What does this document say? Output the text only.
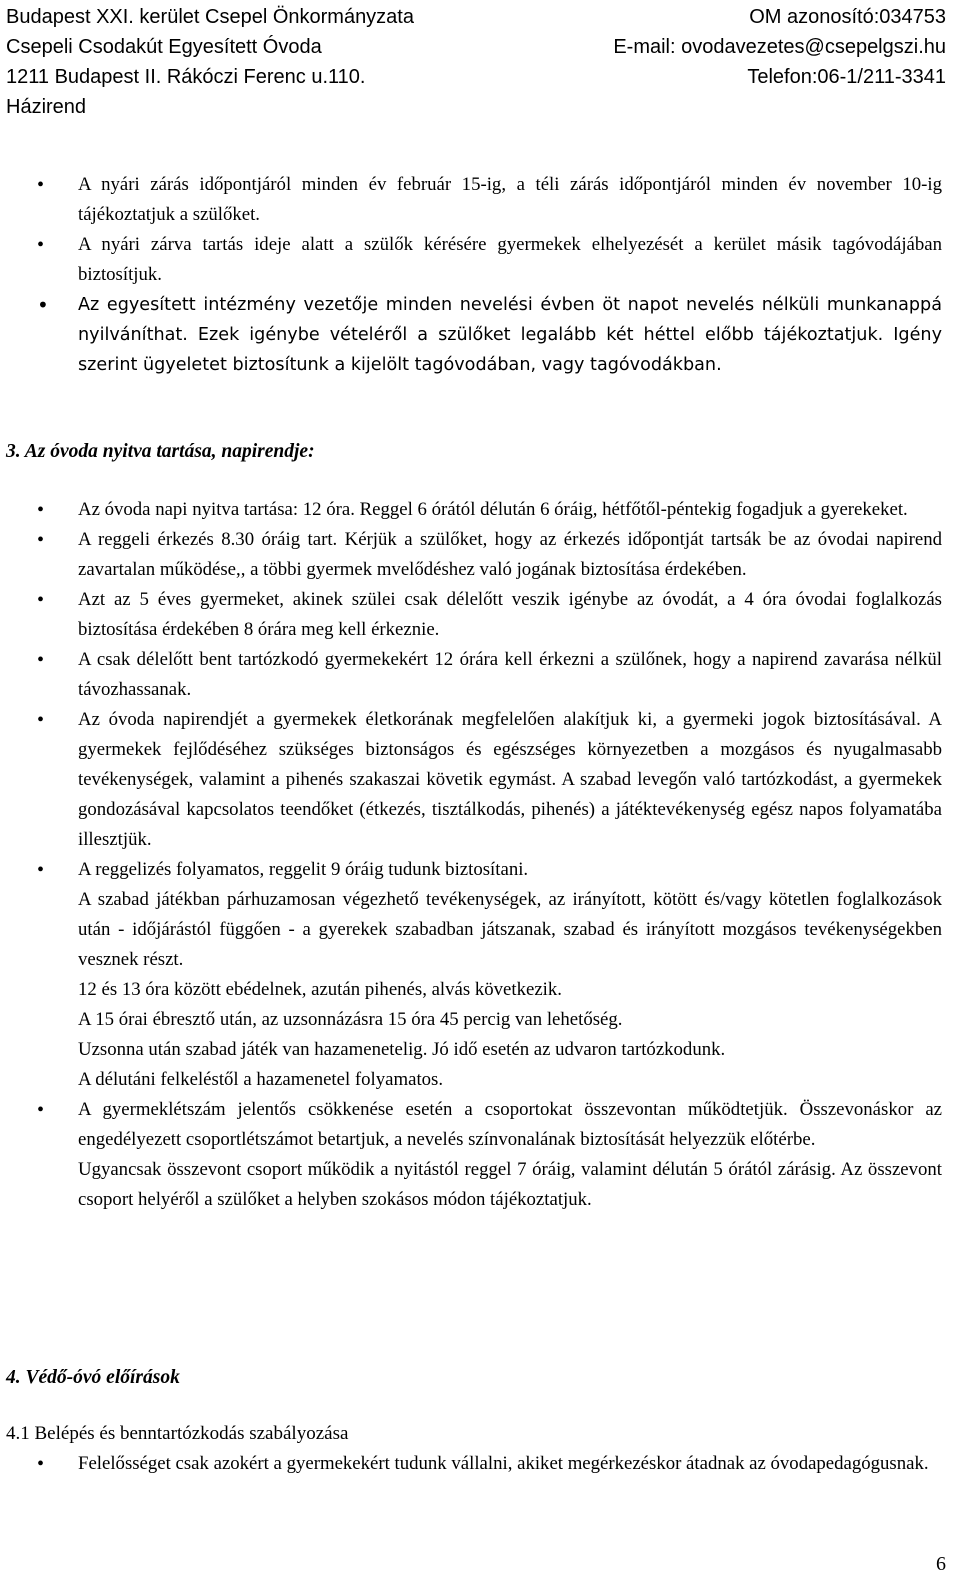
Budapest XXI. kerület Csepel Önkormányzata	OM azonosító:034753
Csepeli Csodakút Egyesített Óvoda	E-mail: ovodavezetes@csepelgszi.hu
1211 Budapest II. Rákóczi Ferenc u.110.	Telefon:06-1/211-3341
Házirend
• A nyári zárás időpontjáról minden év február 15-ig, a téli zárás időpontjáról minden év november 10-ig tájékoztatjuk a szülőket.
• A nyári zárva tartás ideje alatt a szülők kérésére gyermekek elhelyezését a kerület másik tagóvodájában biztosítjuk.
• Az egyesített intézmény vezetője minden nevelési évben öt napot nevelés nélküli munkanappá nyilváníthat. Ezek igénybe vételéről a szülőket legalább két héttel előbb tájékoztatjuk. Igény szerint ügyeletet biztosítunk a kijelölt tagóvodában, vagy tagóvodákban.
3. Az óvoda nyitva tartása, napirendje:
• Az óvoda napi nyitva tartása: 12 óra. Reggel 6 órától délután 6 óráig, hétfőtől-péntekig fogadjuk a gyerekeket.
• A reggeli érkezés 8.30 óráig tart. Kérjük a szülőket, hogy az érkezés időpontját tartsák be az óvodai napirend zavartalan működése,, a többi gyermek mvelődéshez való jogának biztosítása érdekében.
• Azt az 5 éves gyermeket, akinek szülei csak délelőtt veszik igénybe az óvodát, a 4 óra óvodai foglalkozás biztosítása érdekében 8 órára meg kell érkeznie.
• A csak délelőtt bent tartózkodó gyermekekért 12 órára kell érkezni a szülőnek, hogy a napirend zavarása nélkül távozhassanak.
• Az óvoda napirendjét a gyermekek életkorának megfelelően alakítjuk ki, a gyermeki jogok biztosításával. A gyermekek fejlődéséhez szükséges biztonságos és egészséges környezetben a mozgásos és nyugalmasabb tevékenységek, valamint a pihenés szakaszai követik egymást. A szabad levegőn való tartózkodást, a gyermekek gondozásával kapcsolatos teendőket (étkezés, tisztálkodás, pihenés) a játéktevékenység egész napos folyamatába illesztjük.
• A reggelizés folyamatos, reggelit 9 óráig tudunk biztosítani.
A szabad játékban párhuzamosan végezhető tevékenységek, az irányított, kötött és/vagy kötetlen foglalkozások után - időjárástól függően - a gyerekek szabadban játszanak, szabad és irányított mozgásos tevékenységekben vesznek részt.
12 és 13 óra között ebédelnek, azután pihenés, alvás következik.
A 15 órai ébresztő után, az uzsonnázásra 15 óra 45 percig van lehetőség.
Uzsonna után szabad játék van hazamenetelig. Jó idő esetén az udvaron tartózkodunk.
A délutáni felkeléstől a hazamenetel folyamatos.
• A gyermeklétszám jelentős csökkenése esetén a csoportokat összevontan működtetjük. Összevonáskor az engedélyezett csoportlétszámot betartjuk, a nevelés színvonalának biztosítását helyezzük előtérbe.
Ugyancsak összevont csoport működik a nyitástól reggel 7 óráig, valamint délután 5 órától zárásig. Az összevont csoport helyéről a szülőket a helyben szokásos módon tájékoztatjuk.
4. Védő-óvó előírások
4.1 Belépés és benntartózkodás szabályozása
• Felelősséget csak azokért a gyermekekért tudunk vállalni, akiket megérkezéskor átadnak az óvodapedagógusnak.
6
